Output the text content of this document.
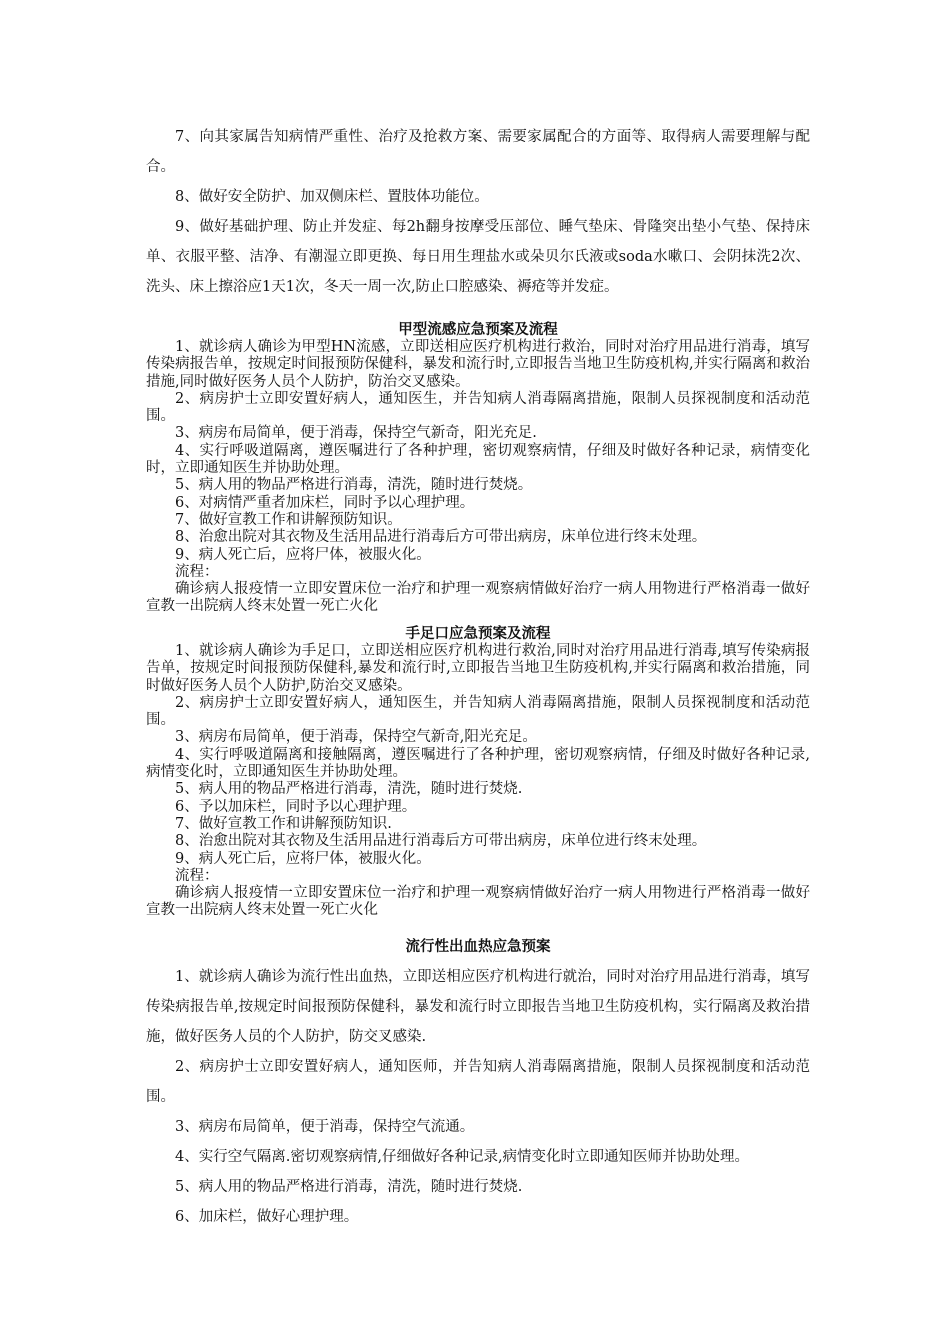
7、向其家属告知病情严重性、治疗及抢救方案、需要家属配合的方面等、取得病人需要理解与配合。

8、做好安全防护、加双侧床栏、置肢体功能位。

9、做好基础护理、防止并发症、每2h翻身按摩受压部位、睡气垫床、骨隆突出垫小气垫、保持床单、衣服平整、洁净、有潮湿立即更换、每日用生理盐水或朵贝尔氏液或soda水嗽口、会阴抹洗2次、洗头、床上擦浴应1天1次，冬天一周一次,防止口腔感染、褥疮等并发症。

甲型流感应急预案及流程

1、就诊病人确诊为甲型HN流感，立即送相应医疗机构进行救治，同时对治疗用品进行消毒，填写传染病报告单，按规定时间报预防保健科，暴发和流行时,立即报告当地卫生防疫机构,并实行隔离和救治措施,同时做好医务人员个人防护，防治交叉感染。

2、病房护士立即安置好病人，通知医生，并告知病人消毒隔离措施，限制人员探视制度和活动范围。

3、病房布局简单，便于消毒，保持空气新奇，阳光充足.

4、实行呼吸道隔离，遵医嘱进行了各种护理，密切观察病情，仔细及时做好各种记录，病情变化时，立即通知医生并协助处理。

5、病人用的物品严格进行消毒，清洗，随时进行焚烧。

6、对病情严重者加床栏，同时予以心理护理。

7、做好宣教工作和讲解预防知识。

8、治愈出院对其衣物及生活用品进行消毒后方可带出病房，床单位进行终末处理。

9、病人死亡后，应将尸体，被服火化。

流程：

确诊病人报疫情一立即安置床位一治疗和护理一观察病情做好治疗一病人用物进行严格消毒一做好宣教一出院病人终末处置一死亡火化

手足口应急预案及流程

1、就诊病人确诊为手足口，立即送相应医疗机构进行救治,同时对治疗用品进行消毒,填写传染病报告单，按规定时间报预防保健科,暴发和流行时,立即报告当地卫生防疫机构,并实行隔离和救治措施，同时做好医务人员个人防护,防治交叉感染。

2、病房护士立即安置好病人，通知医生，并告知病人消毒隔离措施，限制人员探视制度和活动范围。

3、病房布局简单，便于消毒，保持空气新奇,阳光充足。

4、实行呼吸道隔离和接触隔离，遵医嘱进行了各种护理，密切观察病情，仔细及时做好各种记录,病情变化时，立即通知医生并协助处理。

5、病人用的物品严格进行消毒，清洗，随时进行焚烧.

6、予以加床栏，同时予以心理护理。

7、做好宣教工作和讲解预防知识.

8、治愈出院对其衣物及生活用品进行消毒后方可带出病房，床单位进行终末处理。

9、病人死亡后，应将尸体，被服火化。

流程：

确诊病人报疫情一立即安置床位一治疗和护理一观察病情做好治疗一病人用物进行严格消毒一做好宣教一出院病人终末处置一死亡火化

流行性出血热应急预案

1、就诊病人确诊为流行性出血热，立即送相应医疗机构进行就治，同时对治疗用品进行消毒，填写传染病报告单,按规定时间报预防保健科，暴发和流行时立即报告当地卫生防疫机构，实行隔离及救治措施，做好医务人员的个人防护，防交叉感染.

2、病房护士立即安置好病人，通知医师，并告知病人消毒隔离措施，限制人员探视制度和活动范围。

3、病房布局简单，便于消毒，保持空气流通。

4、实行空气隔离.密切观察病情,仔细做好各种记录,病情变化时立即通知医师并协助处理。

5、病人用的物品严格进行消毒，清洗，随时进行焚烧.

6、加床栏，做好心理护理。
